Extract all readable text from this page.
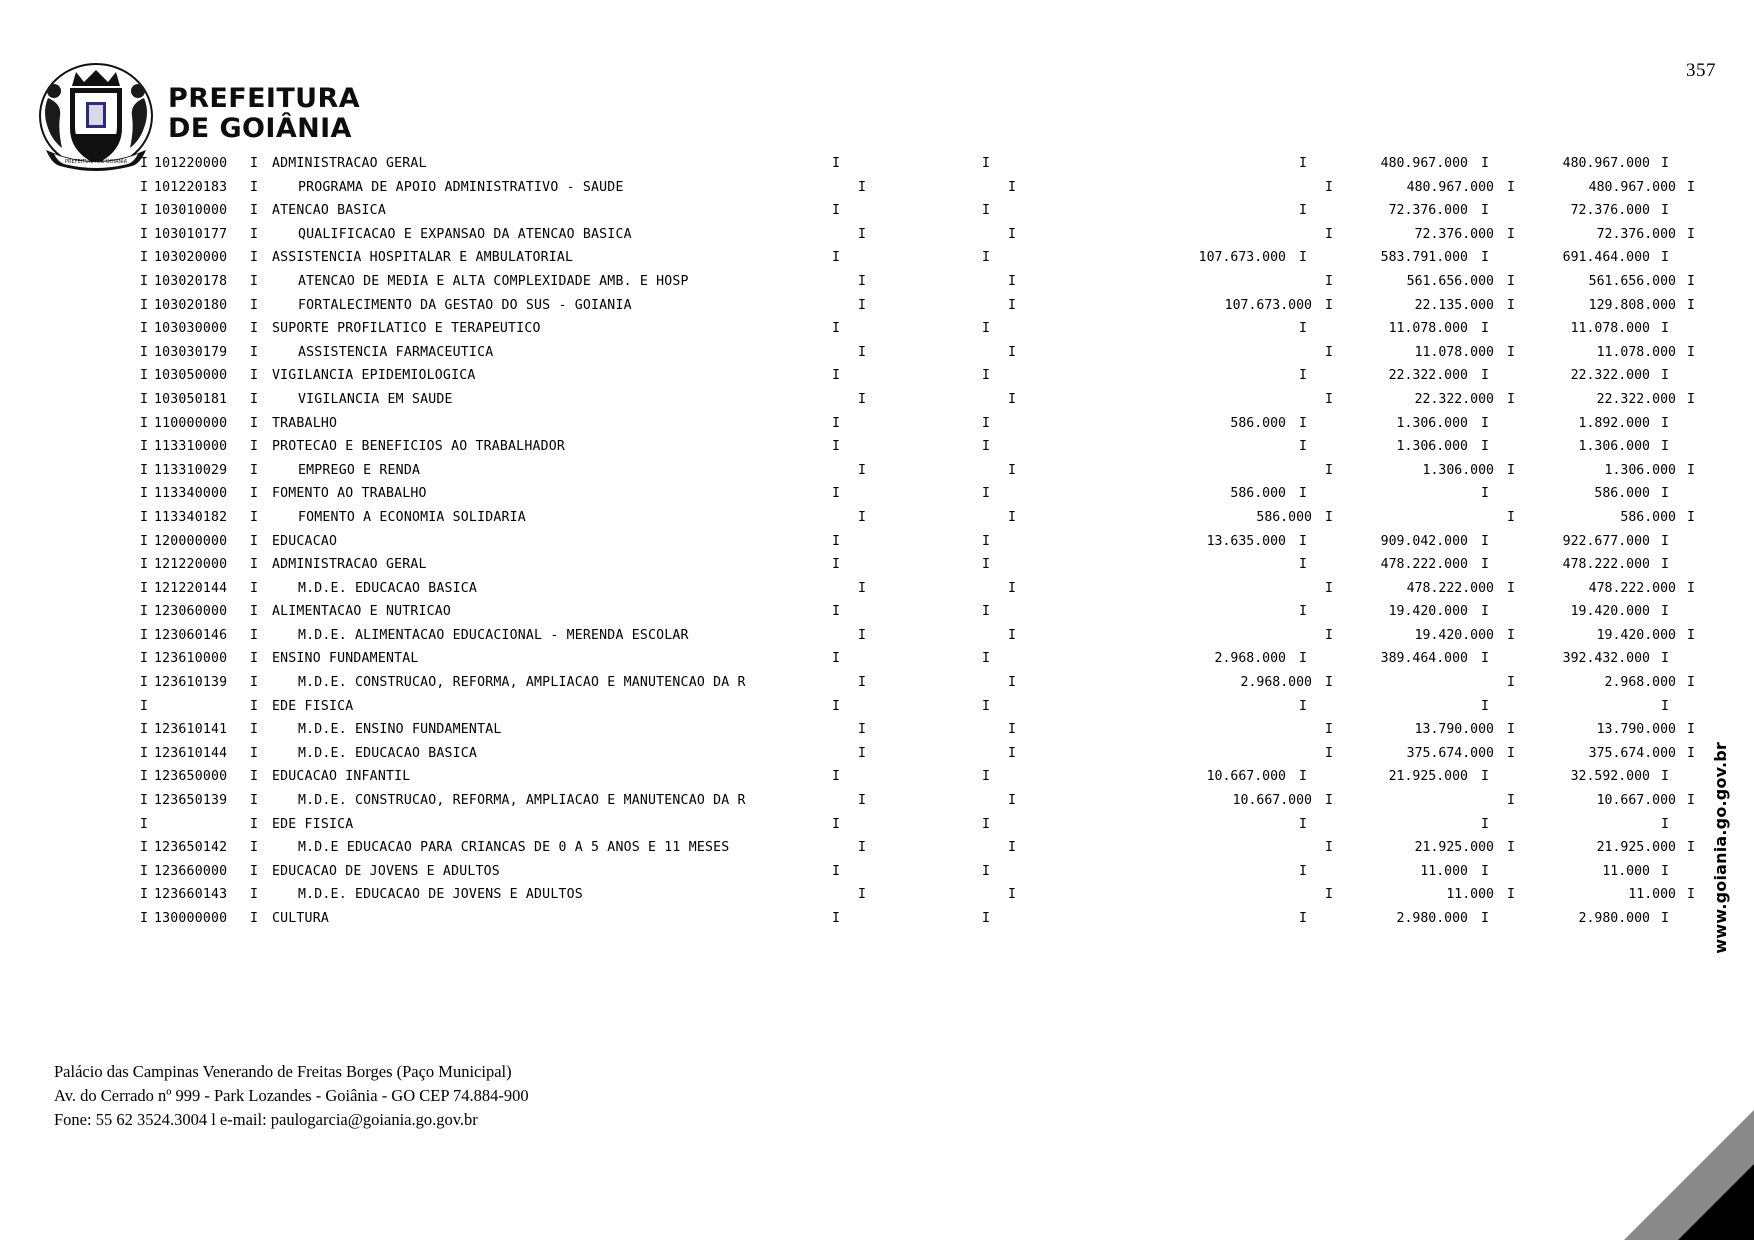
357
PREFEITURA DE GOIANIA
PREFEITURA
DE GOIÂNIA
I 101220000	I	ADMINISTRACAO GERAL	I	I	I	480.967.000 I	480.967.000 I
I 101220183	I	PROGRAMA DE APOIO ADMINISTRATIVO - SAUDE	I	I	I	480.967.000 I	480.967.000 I
I 103010000	I	ATENCAO BASICA	I	I	I	72.376.000 I	72.376.000 I
I 103010177	I	QUALIFICACAO E EXPANSAO DA ATENCAO BASICA	I	I	I	72.376.000 I	72.376.000 I
I 103020000	I	ASSISTENCIA HOSPITALAR E AMBULATORIAL	I	I	107.673.000 I	583.791.000 I	691.464.000 I
I 103020178	I	ATENCAO DE MEDIA E ALTA COMPLEXIDADE AMB. E HOSP	I	I	I	561.656.000 I	561.656.000 I
I 103020180	I	FORTALECIMENTO DA GESTAO DO SUS - GOIANIA	I	I	107.673.000 I	22.135.000 I	129.808.000 I
I 103030000	I	SUPORTE PROFILATICO E TERAPEUTICO	I	I	I	11.078.000 I	11.078.000 I
I 103030179	I	ASSISTENCIA FARMACEUTICA	I	I	I	11.078.000 I	11.078.000 I
I 103050000	I	VIGILANCIA EPIDEMIOLOGICA	I	I	I	22.322.000 I	22.322.000 I
I 103050181	I	VIGILANCIA EM SAUDE	I	I	I	22.322.000 I	22.322.000 I
I 110000000	I	TRABALHO	I	I	586.000 I	1.306.000 I	1.892.000 I
I 113310000	I	PROTECAO E BENEFICIOS AO TRABALHADOR	I	I	I	1.306.000 I	1.306.000 I
I 113310029	I	EMPREGO E RENDA	I	I	I	1.306.000 I	1.306.000 I
I 113340000	I	FOMENTO AO TRABALHO	I	I	586.000 I	I	586.000 I
I 113340182	I	FOMENTO A ECONOMIA SOLIDARIA	I	I	586.000 I	I	586.000 I
I 120000000	I	EDUCACAO	I	I	13.635.000 I	909.042.000 I	922.677.000 I
I 121220000	I	ADMINISTRACAO GERAL	I	I	I	478.222.000 I	478.222.000 I
I 121220144	I	M.D.E. EDUCACAO BASICA	I	I	I	478.222.000 I	478.222.000 I
I 123060000	I	ALIMENTACAO E NUTRICAO	I	I	I	19.420.000 I	19.420.000 I
I 123060146	I	M.D.E. ALIMENTACAO EDUCACIONAL - MERENDA ESCOLAR	I	I	I	19.420.000 I	19.420.000 I
I 123610000	I	ENSINO FUNDAMENTAL	I	I	2.968.000 I	389.464.000 I	392.432.000 I
I 123610139	I	M.D.E. CONSTRUCAO, REFORMA, AMPLIACAO E MANUTENCAO DA R	I	I	2.968.000 I	I	2.968.000 I
I	I	EDE FISICA	I	I	I	I	I
I 123610141	I	M.D.E. ENSINO FUNDAMENTAL	I	I	I	13.790.000 I	13.790.000 I
I 123610144	I	M.D.E. EDUCACAO BASICA	I	I	I	375.674.000 I	375.674.000 I
I 123650000	I	EDUCACAO INFANTIL	I	I	10.667.000 I	21.925.000 I	32.592.000 I
I 123650139	I	M.D.E. CONSTRUCAO, REFORMA, AMPLIACAO E MANUTENCAO DA R	I	I	10.667.000 I	I	10.667.000 I
I	I	EDE FISICA	I	I	I	I	I
I 123650142	I	M.D.E EDUCACAO PARA CRIANCAS DE 0 A 5 ANOS E 11 MESES	I	I	I	21.925.000 I	21.925.000 I
I 123660000	I	EDUCACAO DE JOVENS E ADULTOS	I	I	I	11.000 I	11.000 I
I 123660143	I	M.D.E. EDUCACAO DE JOVENS E ADULTOS	I	I	I	11.000 I	11.000 I
I 130000000	I	CULTURA	I	I	I	2.980.000 I	2.980.000 I	www.goiania.go.gov.br
Palácio das Campinas Venerando de Freitas Borges (Paço Municipal)
Av. do Cerrado nº 999 - Park Lozandes - Goiânia - GO CEP 74.884-900
Fone: 55 62 3524.3004 l e-mail: paulogarcia@goiania.go.gov.br
